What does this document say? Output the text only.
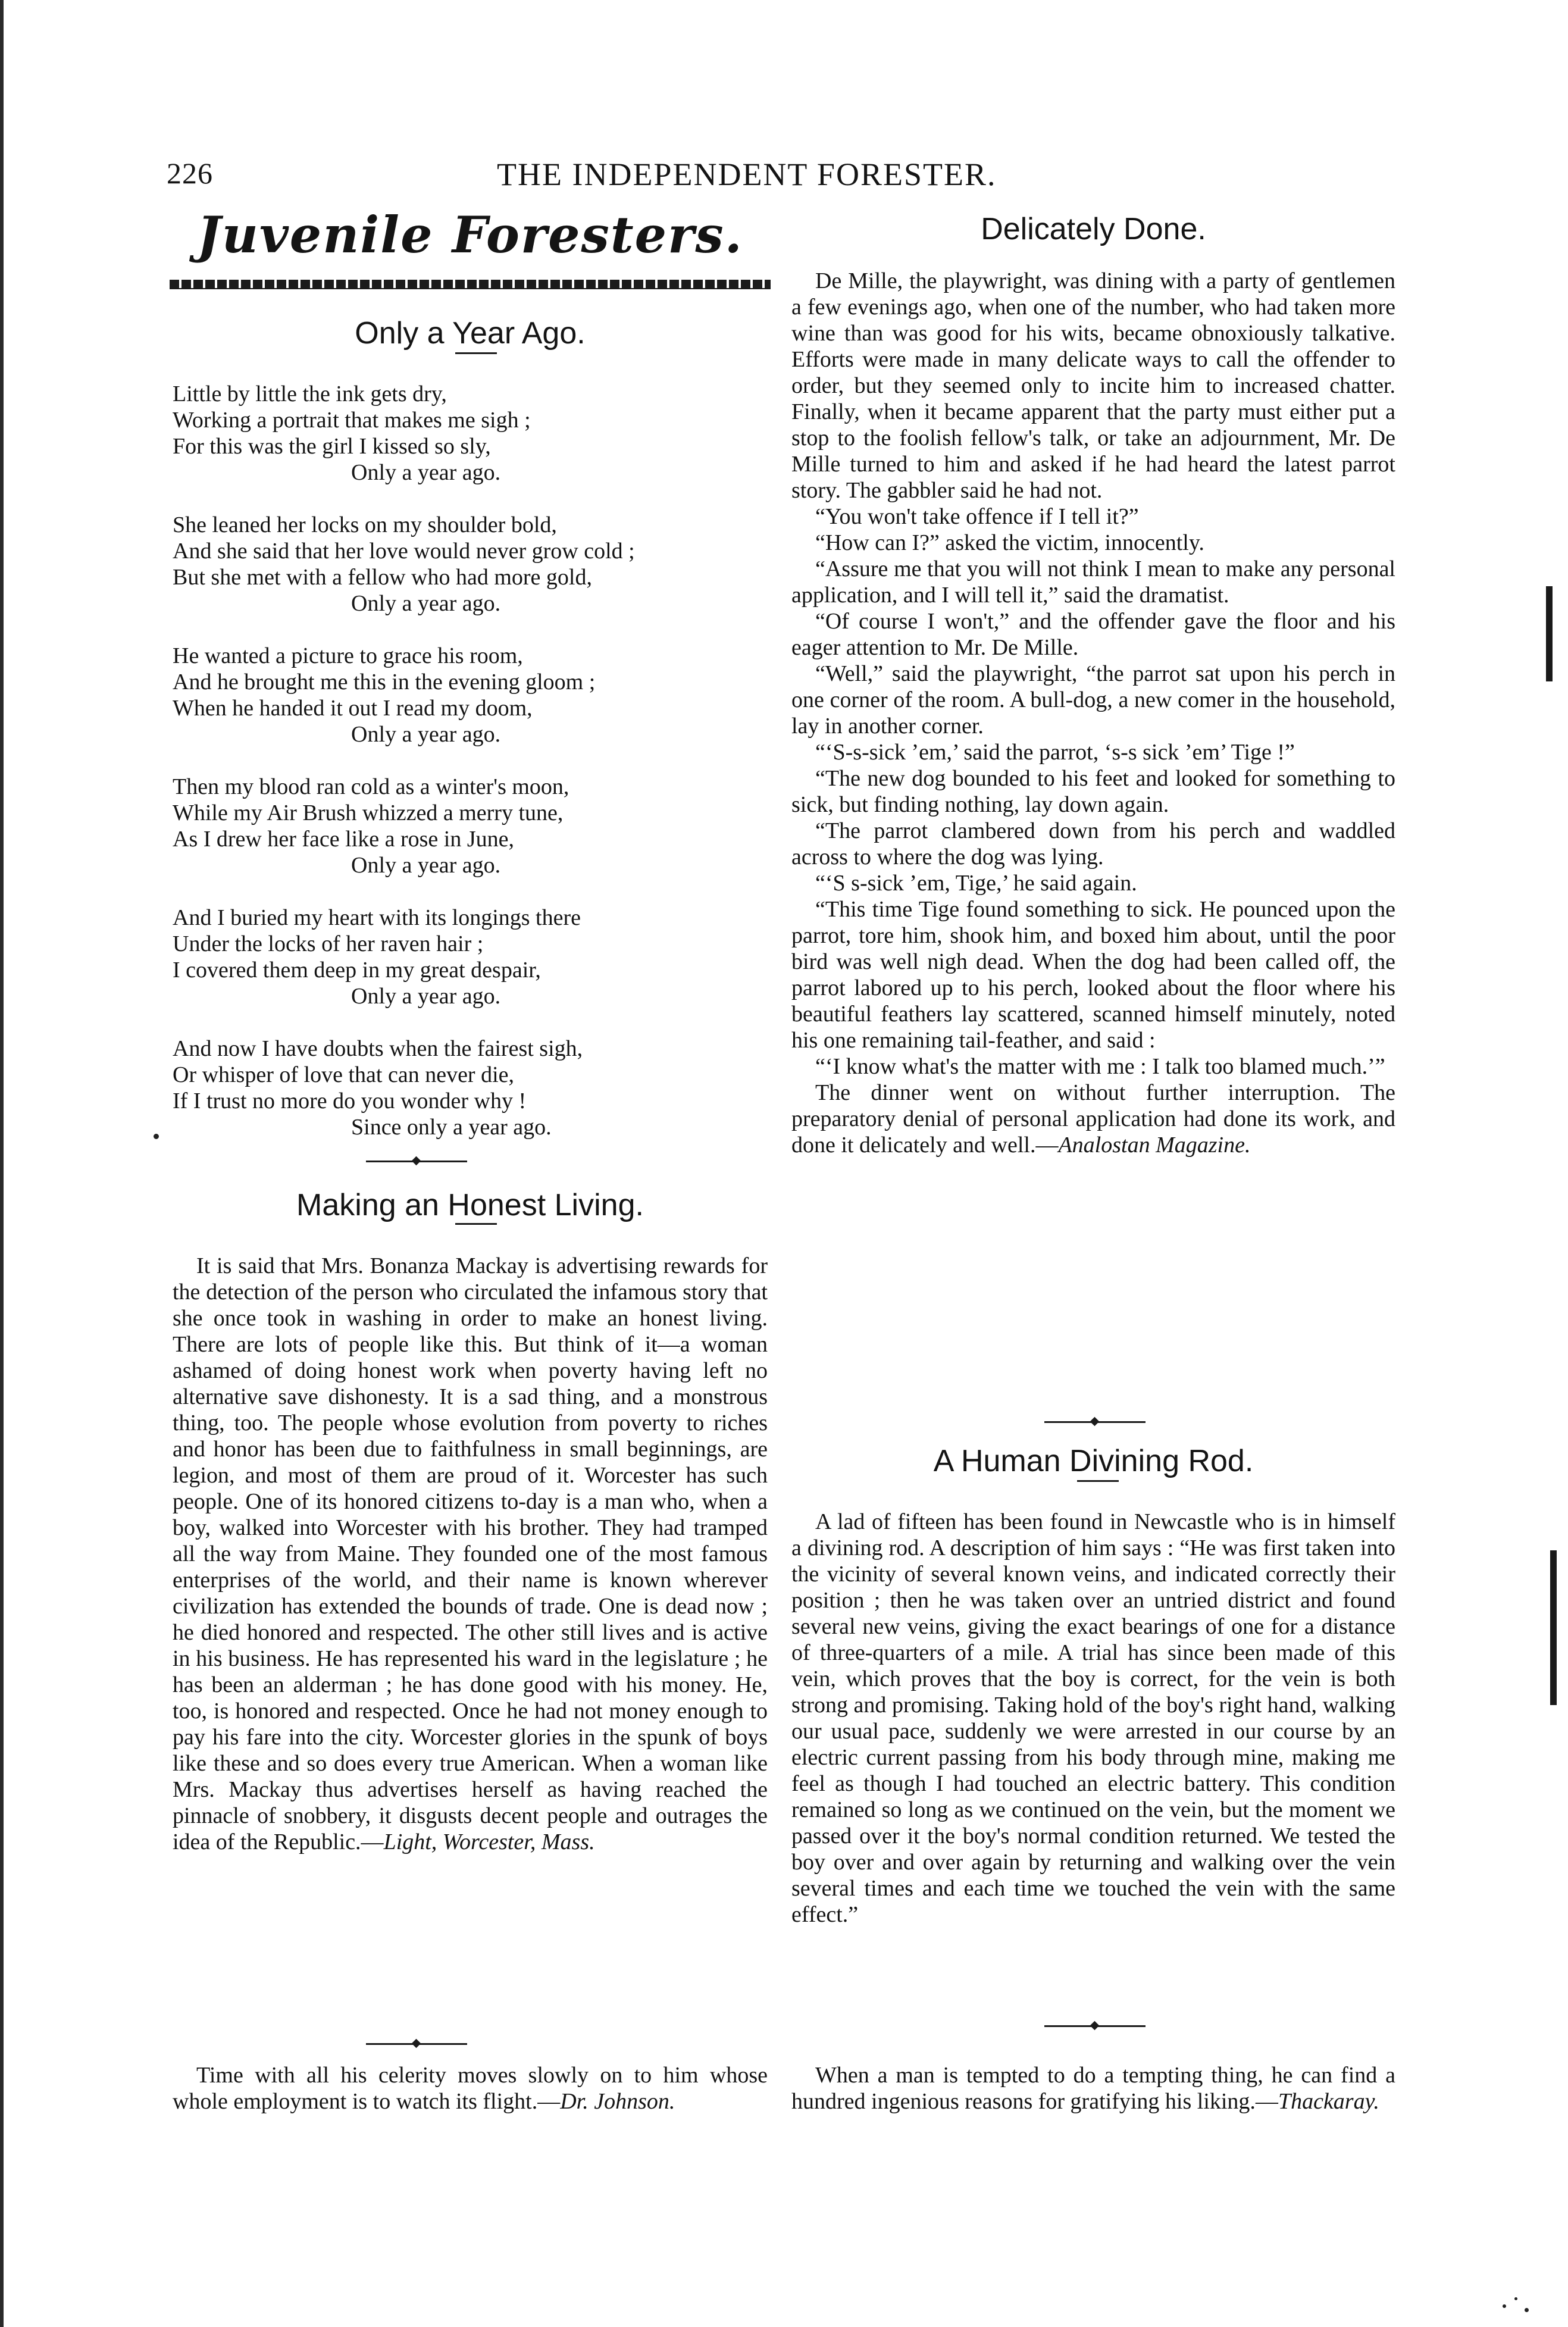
226	THE INDEPENDENT FORESTER.
Juvenile Foresters.
Only a Year Ago.
Little by little the ink gets dry,
Working a portrait that makes me sigh ;
For this was the girl I kissed so sly,
Only a year ago.
She leaned her locks on my shoulder bold,
And she said that her love would never grow cold ;
But she met with a fellow who had more gold,
Only a year ago.
He wanted a picture to grace his room,
And he brought me this in the evening gloom ;
When he handed it out I read my doom,
Only a year ago.
Then my blood ran cold as a winter's moon,
While my Air Brush whizzed a merry tune,
As I drew her face like a rose in June,
Only a year ago.
And I buried my heart with its longings there
Under the locks of her raven hair ;
I covered them deep in my great despair,
Only a year ago.
And now I have doubts when the fairest sigh,
Or whisper of love that can never die,
If I trust no more do you wonder why !
Since only a year ago.
Making an Honest Living.

It is said that Mrs. Bonanza Mackay is advertising rewards for the detection of the person who circulated the infamous story that she once took in washing in order to make an honest living. There are lots of people like this. But think of it—a woman ashamed of doing honest work when poverty having left no alternative save dishonesty. It is a sad thing, and a monstrous thing, too. The people whose evolution from poverty to riches and honor has been due to faithfulness in small beginnings, are legion, and most of them are proud of it. Worcester has such people. One of its honored citizens to-day is a man who, when a boy, walked into Worcester with his brother. They had tramped all the way from Maine. They founded one of the most famous enterprises of the world, and their name is known wherever civilization has extended the bounds of trade. One is dead now ; he died honored and respected. The other still lives and is active in his business. He has represented his ward in the legislature ; he has been an alderman ; he has done good with his money. He, too, is honored and respected. Once he had not money enough to pay his fare into the city. Worcester glories in the spunk of boys like these and so does every true American. When a woman like Mrs. Mackay thus advertises herself as having reached the pinnacle of snobbery, it disgusts decent people and outrages the idea of the Republic.—Light, Worcester, Mass.

Time with all his celerity moves slowly on to him whose whole employment is to watch its flight.—Dr. Johnson.

Delicately Done.

De Mille, the playwright, was dining with a party of gentlemen a few evenings ago, when one of the number, who had taken more wine than was good for his wits, became obnoxiously talkative. Efforts were made in many delicate ways to call the offender to order, but they seemed only to incite him to increased chatter. Finally, when it became apparent that the party must either put a stop to the foolish fellow's talk, or take an adjournment, Mr. De Mille turned to him and asked if he had heard the latest parrot story. The gabbler said he had not.

“You won't take offence if I tell it?”

“How can I?” asked the victim, innocently.

“Assure me that you will not think I mean to make any personal application, and I will tell it,” said the dramatist.

“Of course I won't,” and the offender gave the floor and his eager attention to Mr. De Mille.

“Well,” said the playwright, “the parrot sat upon his perch in one corner of the room. A bull-dog, a new comer in the household, lay in another corner.

“‘S-s-sick ’em,’ said the parrot, ‘s-s sick ’em’ Tige !”

“The new dog bounded to his feet and looked for something to sick, but finding nothing, lay down again.

“The parrot clambered down from his perch and waddled across to where the dog was lying.

“‘S s-sick ’em, Tige,’ he said again.

“This time Tige found something to sick. He pounced upon the parrot, tore him, shook him, and boxed him about, until the poor bird was well nigh dead. When the dog had been called off, the parrot labored up to his perch, looked about the floor where his beautiful feathers lay scattered, scanned himself minutely, noted his one remaining tail-feather, and said :

“‘I know what's the matter with me : I talk too blamed much.’”

The dinner went on without further interruption. The preparatory denial of personal application had done its work, and done it delicately and well.—Analostan Magazine.

A Human Divining Rod.

A lad of fifteen has been found in Newcastle who is in himself a divining rod. A description of him says : “He was first taken into the vicinity of several known veins, and indicated correctly their position ; then he was taken over an untried district and found several new veins, giving the exact bearings of one for a distance of three-quarters of a mile. A trial has since been made of this vein, which proves that the boy is correct, for the vein is both strong and promising. Taking hold of the boy's right hand, walking our usual pace, suddenly we were arrested in our course by an electric current passing from his body through mine, making me feel as though I had touched an electric battery. This condition remained so long as we continued on the vein, but the moment we passed over it the boy's normal condition returned. We tested the boy over and over again by returning and walking over the vein several times and each time we touched the vein with the same effect.”

When a man is tempted to do a tempting thing, he can find a hundred ingenious reasons for gratifying his liking.—Thackaray.
